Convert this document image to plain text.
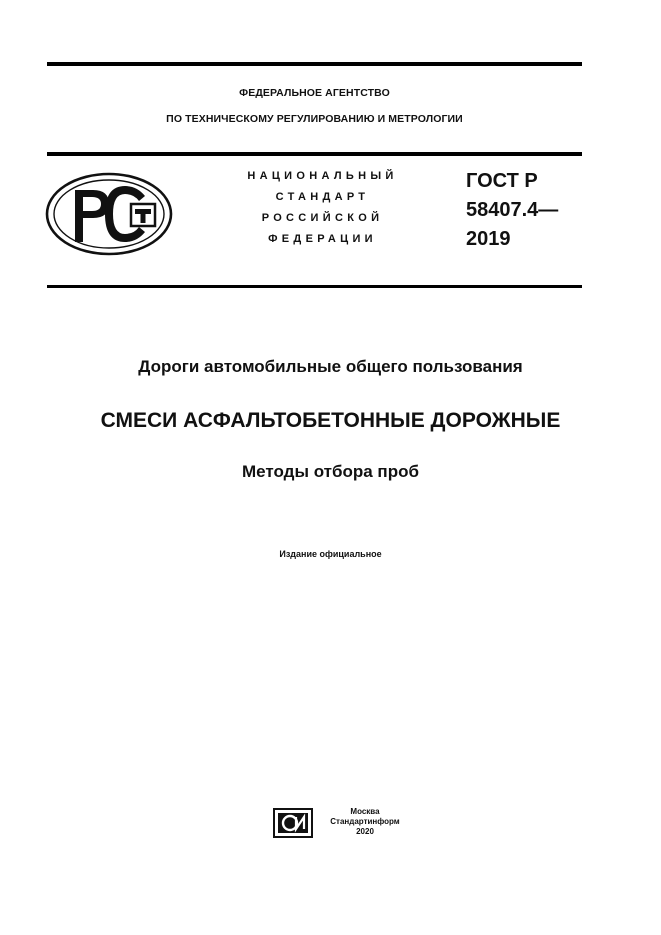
ФЕДЕРАЛЬНОЕ АГЕНТСТВО
ПО ТЕХНИЧЕСКОМУ РЕГУЛИРОВАНИЮ И МЕТРОЛОГИИ
НАЦИОНАЛЬНЫЙ
СТАНДАРТ
РОССИЙСКОЙ
ФЕДЕРАЦИИ
ГОСТ Р
58407.4—
2019
Дороги автомобильные общего пользования
СМЕСИ АСФАЛЬТОБЕТОННЫЕ ДОРОЖНЫЕ
Методы отбора проб
Издание официальное
Москва
Стандартинформ
2020
